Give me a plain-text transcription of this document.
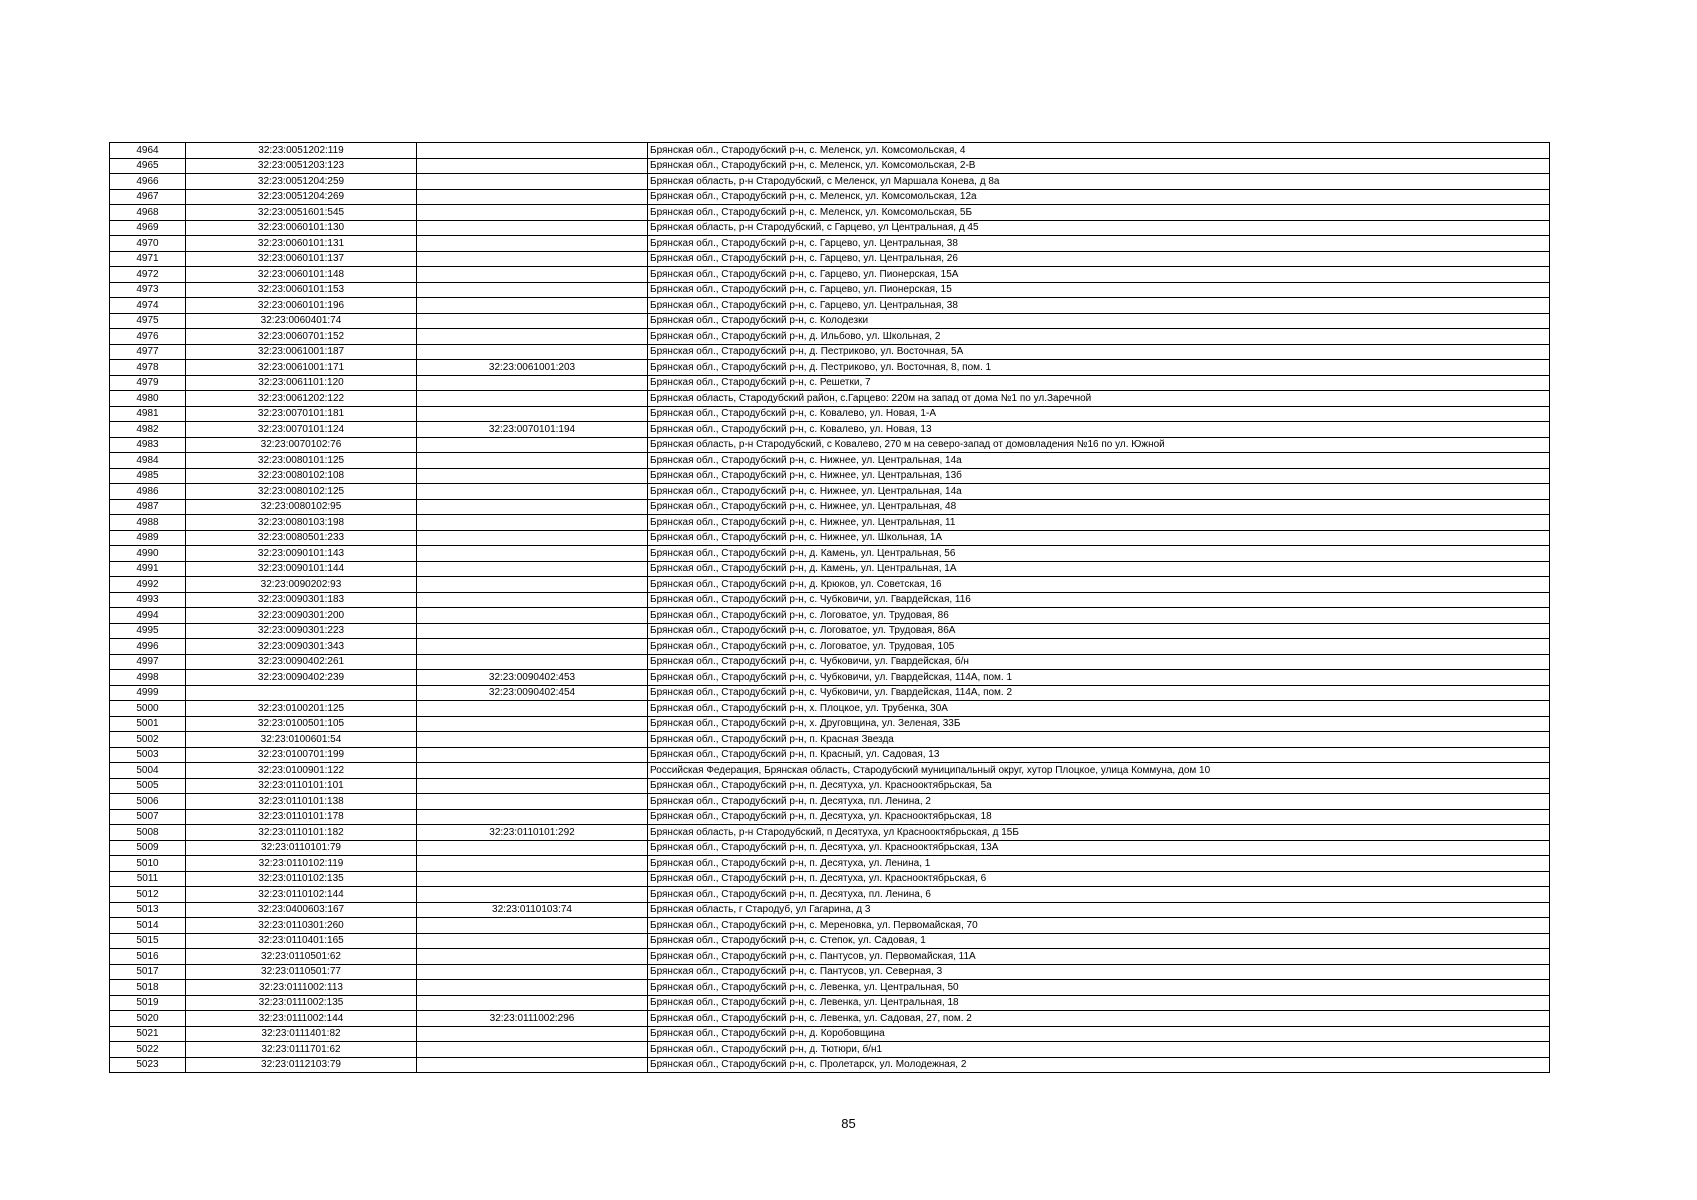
4964	32:23:0051202:119		Брянская обл., Стародубский р-н, с. Меленск, ул. Комсомольская, 4
4965	32:23:0051203:123		Брянская обл., Стародубский р-н, с. Меленск, ул. Комсомольская, 2-В
4966	32:23:0051204:259		Брянская область, р-н Стародубский, с Меленск, ул Маршала Конева, д 8а
4967	32:23:0051204:269		Брянская обл., Стародубский р-н, с. Меленск, ул. Комсомольская, 12а
4968	32:23:0051601:545		Брянская обл., Стародубский р-н, с. Меленск, ул. Комсомольская, 5Б
4969	32:23:0060101:130		Брянская область, р-н Стародубский, с Гарцево, ул Центральная, д 45
4970	32:23:0060101:131		Брянская обл., Стародубский р-н, с. Гарцево, ул. Центральная, 38
4971	32:23:0060101:137		Брянская обл., Стародубский р-н, с. Гарцево, ул. Центральная, 26
4972	32:23:0060101:148		Брянская обл., Стародубский р-н, с. Гарцево, ул. Пионерская, 15А
4973	32:23:0060101:153		Брянская обл., Стародубский р-н, с. Гарцево, ул. Пионерская, 15
4974	32:23:0060101:196		Брянская обл., Стародубский р-н, с. Гарцево, ул. Центральная, 38
4975	32:23:0060401:74		Брянская обл., Стародубский р-н, с. Колодезки
4976	32:23:0060701:152		Брянская обл., Стародубский р-н, д. Ильбово, ул. Школьная, 2
4977	32:23:0061001:187		Брянская обл., Стародубский р-н, д. Пестриково, ул. Восточная, 5А
4978	32:23:0061001:171	32:23:0061001:203	Брянская обл., Стародубский р-н, д. Пестриково, ул. Восточная, 8, пом. 1
4979	32:23:0061101:120		Брянская обл., Стародубский р-н, с. Решетки, 7
4980	32:23:0061202:122		Брянская область, Стародубский район, с.Гарцево: 220м на запад от дома №1 по ул.Заречной
4981	32:23:0070101:181		Брянская обл., Стародубский р-н, с. Ковалево, ул. Новая, 1-А
4982	32:23:0070101:124	32:23:0070101:194	Брянская обл., Стародубский р-н, с. Ковалево, ул. Новая, 13
4983	32:23:0070102:76		Брянская область, р-н Стародубский, с Ковалево, 270 м на северо-запад от домовладения №16 по ул. Южной
4984	32:23:0080101:125		Брянская обл., Стародубский р-н, с. Нижнее, ул. Центральная, 14а
4985	32:23:0080102:108		Брянская обл., Стародубский р-н, с. Нижнее, ул. Центральная, 13б
4986	32:23:0080102:125		Брянская обл., Стародубский р-н, с. Нижнее, ул. Центральная, 14а
4987	32:23:0080102:95		Брянская обл., Стародубский р-н, с. Нижнее, ул. Центральная, 48
4988	32:23:0080103:198		Брянская обл., Стародубский р-н, с. Нижнее, ул. Центральная, 11
4989	32:23:0080501:233		Брянская обл., Стародубский р-н, с. Нижнее, ул. Школьная, 1А
4990	32:23:0090101:143		Брянская обл., Стародубский р-н, д. Камень, ул. Центральная, 56
4991	32:23:0090101:144		Брянская обл., Стародубский р-н, д. Камень, ул. Центральная, 1А
4992	32:23:0090202:93		Брянская обл., Стародубский р-н, д. Крюков, ул. Советская, 16
4993	32:23:0090301:183		Брянская обл., Стародубский р-н, с. Чубковичи, ул. Гвардейская, 116
4994	32:23:0090301:200		Брянская обл., Стародубский р-н, с. Логоватое, ул. Трудовая, 86
4995	32:23:0090301:223		Брянская обл., Стародубский р-н, с. Логоватое, ул. Трудовая, 86А
4996	32:23:0090301:343		Брянская обл., Стародубский р-н, с. Логоватое, ул. Трудовая, 105
4997	32:23:0090402:261		Брянская обл., Стародубский р-н, с. Чубковичи, ул. Гвардейская, б/н
4998	32:23:0090402:239	32:23:0090402:453	Брянская обл., Стародубский р-н, с. Чубковичи, ул. Гвардейская, 114А, пом. 1
4999		32:23:0090402:454	Брянская обл., Стародубский р-н, с. Чубковичи, ул. Гвардейская, 114А, пом. 2
5000	32:23:0100201:125		Брянская обл., Стародубский р-н, х. Плоцкое, ул. Трубенка, 30А
5001	32:23:0100501:105		Брянская обл., Стародубский р-н, х. Друговщина, ул. Зеленая, 33Б
5002	32:23:0100601:54		Брянская обл., Стародубский р-н, п. Красная Звезда
5003	32:23:0100701:199		Брянская обл., Стародубский р-н, п. Красный, ул. Садовая, 13
5004	32:23:0100901:122		Российская Федерация, Брянская область, Стародубский муниципальный округ, хутор Плоцкое, улица Коммуна, дом 10
5005	32:23:0110101:101		Брянская обл., Стародубский р-н, п. Десятуха, ул. Краснооктябрьская, 5а
5006	32:23:0110101:138		Брянская обл., Стародубский р-н, п. Десятуха, пл. Ленина, 2
5007	32:23:0110101:178		Брянская обл., Стародубский р-н, п. Десятуха, ул. Краснооктябрьская, 18
5008	32:23:0110101:182	32:23:0110101:292	Брянская область, р-н Стародубский, п Десятуха, ул Краснооктябрьская, д 15Б
5009	32:23:0110101:79		Брянская обл., Стародубский р-н, п. Десятуха, ул. Краснооктябрьская, 13А
5010	32:23:0110102:119		Брянская обл., Стародубский р-н, п. Десятуха, ул. Ленина, 1
5011	32:23:0110102:135		Брянская обл., Стародубский р-н, п. Десятуха, ул. Краснооктябрьская, 6
5012	32:23:0110102:144		Брянская обл., Стародубский р-н, п. Десятуха, пл. Ленина, 6
5013	32:23:0400603:167	32:23:0110103:74	Брянская область, г Стародуб, ул Гагарина, д 3
5014	32:23:0110301:260		Брянская обл., Стародубский р-н, с. Мереновка, ул. Первомайская, 70
5015	32:23:0110401:165		Брянская обл., Стародубский р-н, с. Степок, ул. Садовая, 1
5016	32:23:0110501:62		Брянская обл., Стародубский р-н, с. Пантусов, ул. Первомайская, 11А
5017	32:23:0110501:77		Брянская обл., Стародубский р-н, с. Пантусов, ул. Северная, 3
5018	32:23:0111002:113		Брянская обл., Стародубский р-н, с. Левенка, ул. Центральная, 50
5019	32:23:0111002:135		Брянская обл., Стародубский р-н, с. Левенка, ул. Центральная, 18
5020	32:23:0111002:144	32:23:0111002:296	Брянская обл., Стародубский р-н, с. Левенка, ул. Садовая, 27, пом. 2
5021	32:23:0111401:82		Брянская обл., Стародубский р-н, д. Коробовщина
5022	32:23:0111701:62		Брянская обл., Стародубский р-н, д. Тютюри, б/н1
5023	32:23:0112103:79		Брянская обл., Стародубский р-н, с. Пролетарск, ул. Молодежная, 2
85
